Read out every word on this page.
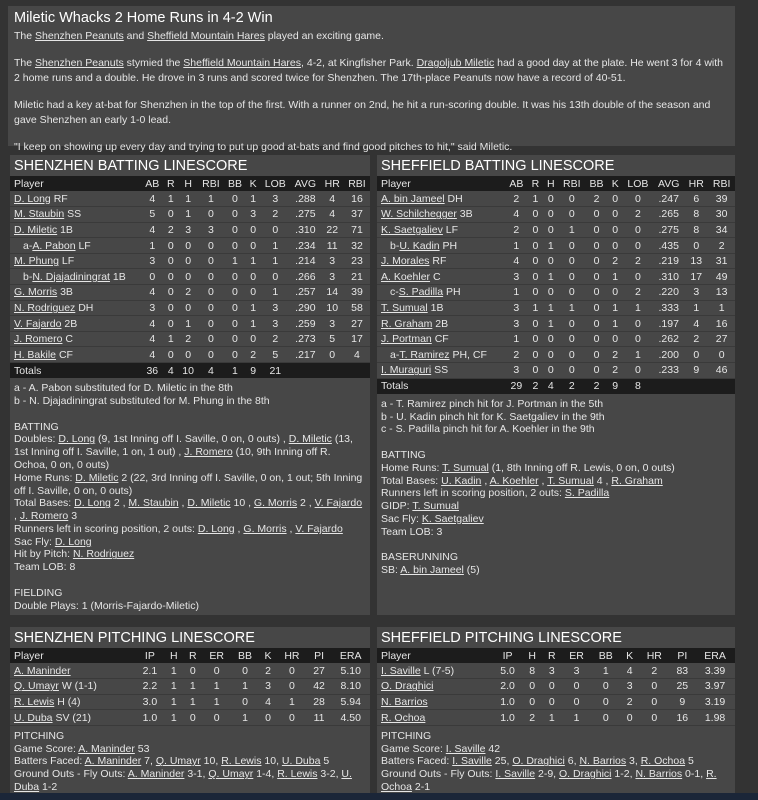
Miletic Whacks 2 Home Runs in 4-2 Win

The Shenzhen Peanuts and Sheffield Mountain Hares played an exciting game.

The Shenzhen Peanuts stymied the Sheffield Mountain Hares, 4-2, at Kingfisher Park. Dragoljub Miletic had a good day at the plate. He went 3 for 4 with 2 home runs and a double. He drove in 3 runs and scored twice for Shenzhen. The 17th-place Peanuts now have a record of 40-51.

Miletic had a key at-bat for Shenzhen in the top of the first. With a runner on 2nd, he hit a run-scoring double. It was his 13th double of the season and gave Shenzhen an early 1-0 lead.

"I keep on showing up every day and trying to put up good at-bats and find good pitches to hit," said Miletic.

SHENZHEN BATTING LINESCORE
Player	AB	R	H	RBI	BB	K	LOB	AVG	HR	RBI
D. Long RF	4	1	1	1	0	1	3	.288	4	16
M. Staubin SS	5	0	1	0	0	3	2	.275	4	37
D. Miletic 1B	4	2	3	3	0	0	0	.310	22	71
a-A. Pabon LF	1	0	0	0	0	0	1	.234	11	32
M. Phung LF	3	0	0	0	1	1	1	.214	3	23
b-N. Djajadiningrat 1B	0	0	0	0	0	0	0	.266	3	21
G. Morris 3B	4	0	2	0	0	0	1	.257	14	39
N. Rodriguez DH	3	0	0	0	0	1	3	.290	10	58
V. Fajardo 2B	4	0	1	0	0	1	3	.259	3	27
J. Romero C	4	1	2	0	0	0	2	.273	5	17
H. Bakile CF	4	0	0	0	0	2	5	.217	0	4
Totals	36	4	10	4	1	9	21			
a - A. Pabon substituted for D. Miletic in the 8th
b - N. Djajadiningrat substituted for M. Phung in the 8th
BATTING
Doubles: D. Long (9, 1st Inning off I. Saville, 0 on, 0 outs) , D. Miletic (13, 1st Inning off I. Saville, 1 on, 1 out) , J. Romero (10, 9th Inning off R. Ochoa, 0 on, 0 outs)
Home Runs: D. Miletic 2 (22, 3rd Inning off I. Saville, 0 on, 1 out; 5th Inning off I. Saville, 0 on, 0 outs)
Total Bases: D. Long 2 , M. Staubin , D. Miletic 10 , G. Morris 2 , V. Fajardo , J. Romero 3
Runners left in scoring position, 2 outs: D. Long , G. Morris , V. Fajardo
Sac Fly: D. Long
Hit by Pitch: N. Rodriguez
Team LOB: 8
FIELDING
Double Plays: 1 (Morris-Fajardo-Miletic)
SHEFFIELD BATTING LINESCORE
Player	AB	R	H	RBI	BB	K	LOB	AVG	HR	RBI
A. bin Jameel DH	2	1	0	0	2	0	0	.247	6	39
W. Schilchegger 3B	4	0	0	0	0	0	2	.265	8	30
K. Saetgaliev LF	2	0	0	1	0	0	0	.275	8	34
b-U. Kadin PH	1	0	1	0	0	0	0	.435	0	2
J. Morales RF	4	0	0	0	0	2	2	.219	13	31
A. Koehler C	3	0	1	0	0	1	0	.310	17	49
c-S. Padilla PH	1	0	0	0	0	0	2	.220	3	13
T. Sumual 1B	3	1	1	1	0	1	1	.333	1	1
R. Graham 2B	3	0	1	0	0	1	0	.197	4	16
J. Portman CF	1	0	0	0	0	0	0	.262	2	27
a-T. Ramirez PH, CF	2	0	0	0	0	2	1	.200	0	0
I. Muraguri SS	3	0	0	0	0	2	0	.233	9	46
Totals	29	2	4	2	2	9	8			
a - T. Ramirez pinch hit for J. Portman in the 5th
b - U. Kadin pinch hit for K. Saetgaliev in the 9th
c - S. Padilla pinch hit for A. Koehler in the 9th
BATTING
Home Runs: T. Sumual (1, 8th Inning off R. Lewis, 0 on, 0 outs)
Total Bases: U. Kadin , A. Koehler , T. Sumual 4 , R. Graham
Runners left in scoring position, 2 outs: S. Padilla
GIDP: T. Sumual
Sac Fly: K. Saetgaliev
Team LOB: 3
BASERUNNING
SB: A. bin Jameel (5)
SHENZHEN PITCHING LINESCORE
Player	IP	H	R	ER	BB	K	HR	PI	ERA
A. Maninder	2.1	1	0	0	0	2	0	27	5.10
Q. Umayr W (1-1)	2.2	1	1	1	1	3	0	42	8.10
R. Lewis H (4)	3.0	1	1	1	0	4	1	28	5.94
U. Duba SV (21)	1.0	1	0	0	1	0	0	11	4.50
PITCHING
Game Score: A. Maninder 53
Batters Faced: A. Maninder 7, Q. Umayr 10, R. Lewis 10, U. Duba 5
Ground Outs - Fly Outs: A. Maninder 3-1, Q. Umayr 1-4, R. Lewis 3-2, U. Duba 1-2
SHEFFIELD PITCHING LINESCORE
Player	IP	H	R	ER	BB	K	HR	PI	ERA
I. Saville L (7-5)	5.0	8	3	3	1	4	2	83	3.39
O. Draghici	2.0	0	0	0	0	3	0	25	3.97
N. Barrios	1.0	0	0	0	0	2	0	9	3.19
R. Ochoa	1.0	2	1	1	0	0	0	16	1.98
PITCHING
Game Score: I. Saville 42
Batters Faced: I. Saville 25, O. Draghici 6, N. Barrios 3, R. Ochoa 5
Ground Outs - Fly Outs: I. Saville 2-9, O. Draghici 1-2, N. Barrios 0-1, R. Ochoa 2-1
